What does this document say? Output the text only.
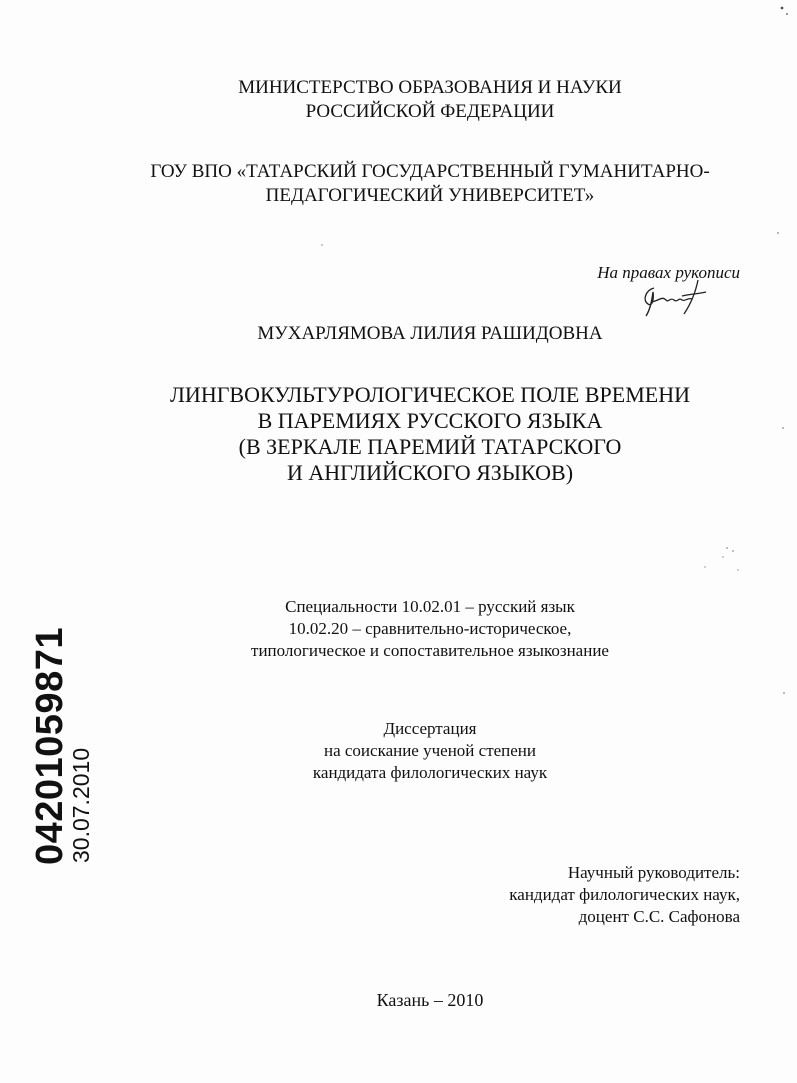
МИНИСТЕРСТВО ОБРАЗОВАНИЯ И НАУКИ
РОССИЙСКОЙ ФЕДЕРАЦИИ
ГОУ ВПО «ТАТАРСКИЙ ГОСУДАРСТВЕННЫЙ ГУМАНИТАРНО-
ПЕДАГОГИЧЕСКИЙ УНИВЕРСИТЕТ»
На правах рукописи
МУХАРЛЯМОВА ЛИЛИЯ РАШИДОВНА
ЛИНГВОКУЛЬТУРОЛОГИЧЕСКОЕ ПОЛЕ ВРЕМЕНИ
В ПАРЕМИЯХ РУССКОГО ЯЗЫКА
(В ЗЕРКАЛЕ ПАРЕМИЙ ТАТАРСКОГО
И АНГЛИЙСКОГО ЯЗЫКОВ)
Специальности 10.02.01 – русский язык
10.02.20 – сравнительно-историческое,
типологическое и сопоставительное языкознание
Диссертация
на соискание ученой степени
кандидата филологических наук
Научный руководитель:
кандидат филологических наук,
доцент С.С. Сафонова
Казань – 2010
04201059871
30.07.2010
